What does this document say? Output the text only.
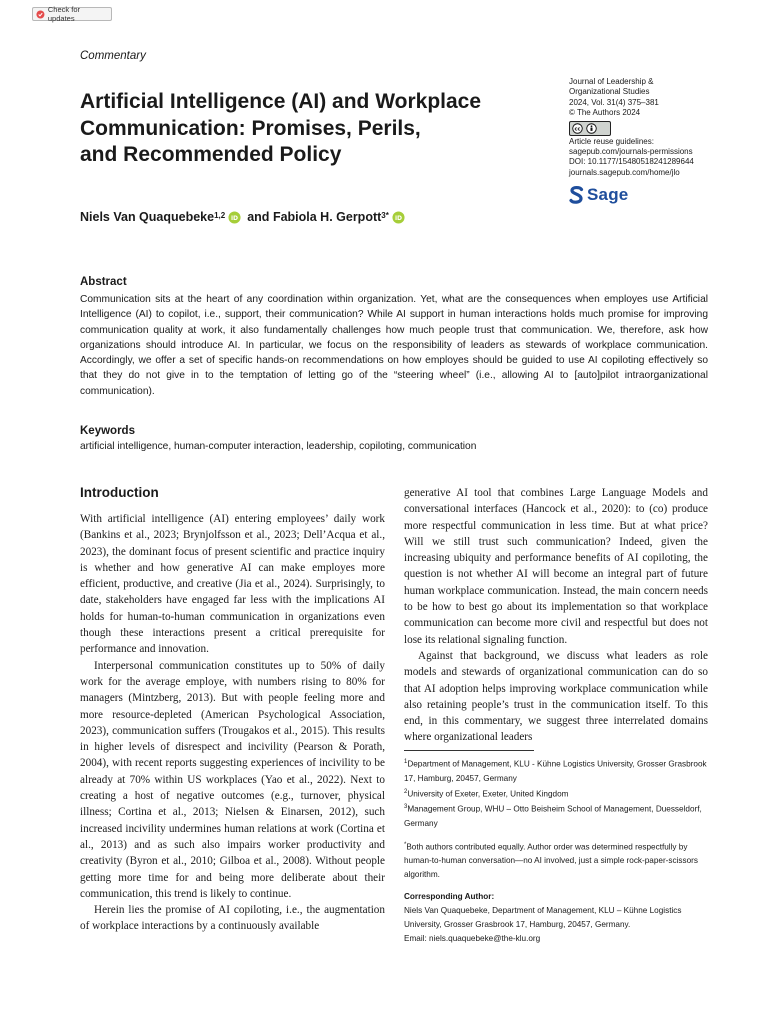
Check for updates
Commentary
Artificial Intelligence (AI) and Workplace
Communication: Promises, Perils,
and Recommended Policy
Journal of Leadership &
Organizational Studies
2024, Vol. 31(4) 375–381
© The Authors 2024
cc
Article reuse guidelines:
sagepub.com/journals-permissions
DOI: 10.1177/15480518241289644
journals.sagepub.com/home/jlo
Sage
Niels Van Quaquebeke$^{1,2}$ iD and
Fabiola H. Gerpott$^{3*}$ iD
Abstract

Communication sits at the heart of any coordination within organization. Yet, what are the consequences when employes use Artificial Intelligence (AI) to copilot, i.e., support, their communication? While AI support in human interactions holds much promise for improving communication quality at work, it also fundamentally challenges how much people trust that communication. We, therefore, ask how organizations should introduce AI. In particular, we focus on the responsibility of leaders as stewards of workplace communication. Accordingly, we offer a set of specific hands-on recommendations on how employes should be guided to use AI copiloting effectively so that they do not give in to the temptation of letting go of the “steering wheel” (i.e., allowing AI to [auto]pilot intraorganizational communication).

Keywords
artificial intelligence, human-computer interaction, leadership, copiloting, communication
Introduction

With artificial intelligence (AI) entering employees’ daily work (Bankins et al., 2023; Brynjolfsson et al., 2023; Dell’Acqua et al., 2023), the dominant focus of present scientific and practice inquiry is whether and how generative AI can make employes more efficient, productive, and creative (Jia et al., 2024). Surprisingly, to date, stakeholders have engaged far less with the implications AI holds for human-to-human communication in organizations even though these interactions present a critical prerequisite for performance and innovation.

Interpersonal communication constitutes up to 50% of daily work for the average employe, with numbers rising to 80% for managers (Mintzberg, 2013). But with people feeling more and more resource-depleted (American Psychological Association, 2023), communication suffers (Trougakos et al., 2015). This results in higher levels of disrespect and incivility (Pearson & Porath, 2004), with recent reports suggesting experiences of incivility to be already at 70% within US workplaces (Yao et al., 2022). Next to creating a host of negative outcomes (e.g., turnover, physical illness; Cortina et al., 2013; Nielsen & Einarsen, 2012), such increased incivility undermines human relations at work (Cortina et al., 2013) and as such also impairs worker productivity and creativity (Byron et al., 2010; Gilboa et al., 2008). Without people getting more time for and being more deliberate about their communication, this trend is likely to continue.

Herein lies the promise of AI copiloting, i.e., the augmentation of workplace interactions by a continuously available

generative AI tool that combines Large Language Models and conversational interfaces (Hancock et al., 2020): to (co) produce more respectful communication in less time. But at what price? Will we still trust such communication? Indeed, given the increasing ubiquity and performance benefits of AI copiloting, the question is not whether AI will become an integral part of future human workplace communication. Instead, the main concern needs to be how to best go about its implementation so that workplace communication can become more civil and respectful but does not lose its relational signaling function.

Against that background, we discuss what leaders as role models and stewards of organizational communication can do so that AI adoption helps improving workplace communication while also retaining people’s trust in the communication itself. To this end, in this commentary, we suggest three interrelated domains where organizational leaders

$^1$Department of Management, KLU - Kühne Logistics University, Grosser Grasbrook 17, Hamburg, 20457, Germany

$^2$University of Exeter, Exeter, United Kingdom

$^3$Management Group, WHU – Otto Beisheim School of Management, Duesseldorf, Germany

*Both authors contributed equally. Author order was determined respectfully by human-to-human conversation—no AI involved, just a simple rock-paper-scissors algorithm.

Corresponding Author:

Niels Van Quaquebeke, Department of Management, KLU – Kühne Logistics University, Grosser Grasbrook 17, Hamburg, 20457, Germany.

Email: niels.quaquebeke@the-klu.org
